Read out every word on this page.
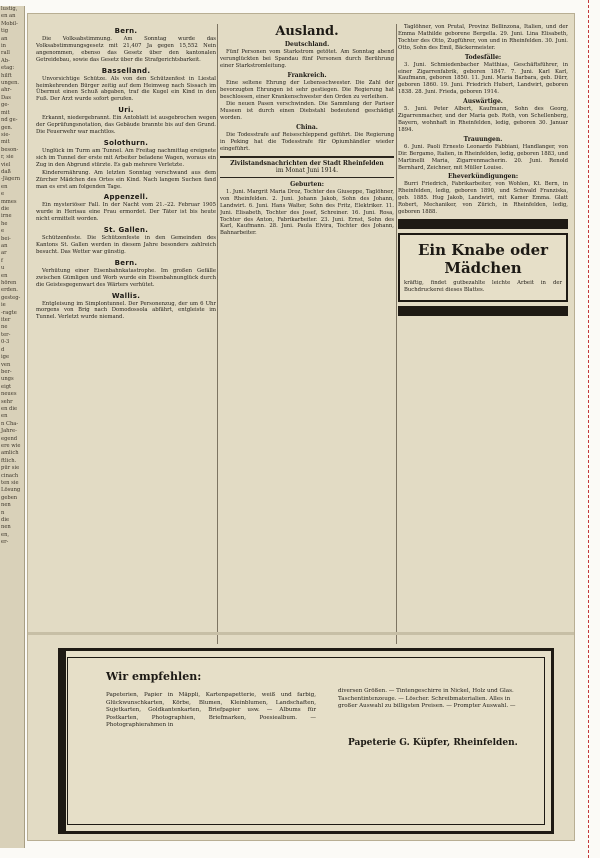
lustig,
en an
Mobil-
tig
an
in
rall
Ab-
etag:
hilft
ungen.
ahr-
Das
ge-
mit
nd ge-
gen.
sie-
mit
beson-
r, sie
viel
daß
-Jägern
en
e
mmes
die
irne
he
e
bei-
an
ar
f
u
en
hören
erden.
gesteg-
ie
-ragte
iter
ne
ter-
0-3
d
ige
ven
ber-
ungs
eigt
neues
sehr
en die
en
n Cha-
Jahre-
egend
ere wie
amlich
ftlich.
pür sie
cinach
ten sie
Lösung
geben
nen
n
die
nen
en,
er-
Bern.
Die Volksabstimmung. Am Sonntag wurde das Volksabstimmungsgesetz mit 21,407 Ja gegen 15,552 Nein angenommen, ebenso das Gesetz über den kantonalen Getreidebau, sowie das Gesetz über die Strafgerichtsbarkeit.
Basselland.
Unvorsichtige Schütze. Als von den Schützenfest in Liestal heimkehrenden Bürger zeitig auf dem Heimweg nach Sissach im Übermut einen Schuß abgaben, traf die Kugel ein Kind in den Fuß. Der Arzt wurde sofort gerufen.
Uri.
Erkannt, niedergebrannt. Ein Antoblatt ist ausgebrochen wegen der Geprüfungsnotation, das Gebäude brannte bis auf den Grund. Die Feuerwehr war machtlos.
Solothurn.
Unglück im Turm am Tunnel. Am Freitag nachmittag ereignete sich im Tunnel der erste mit Arbeiter beladene Wagen, woraus ein Zug in den Abgrund stürzte. Es gab mehrere Verletzte.
Kinderernährung. Am letzten Sonntag verschwand aus dem Zürcher Mädchen des Ortes ein Kind. Nach langem Suchen fand man es erst am folgenden Tage.
Appenzell.
Ein mysteriöser Fall. In der Nacht vom 21.–22. Februar 1905 wurde in Herisau eine Frau ermordet. Der Täter ist bis heute nicht ermittelt worden.
St. Gallen.
Schützenfeste. Die Schützenfeste in den Gemeinden des Kantons St. Gallen werden in diesem Jahre besonders zahlreich besucht. Das Wetter war günstig.
Bern.
Verhütung einer Eisenbahnkatastrophe. Im großen Gefälle zwischen Gümligen und Worb wurde ein Eisenbahnunglück durch die Geistesgegenwart des Wärters verhütet.
Wallis.
Entgleisung im Simplontunnel. Der Personenzug, der um 6 Uhr morgens von Brig nach Domodossola abfährt, entgleiste im Tunnel. Verletzt wurde niemand.
Ausland.
Deutschland.
Fünf Personen vom Starkstrom getötet. Am Sonntag abend verunglückten bei Spandau fünf Personen durch Berührung einer Starkstromleitung.
Frankreich.
Eine seltene Ehrung der Lebensschwester. Die Zahl der bevorzugten Ehrungen ist sehr gestiegen. Die Regierung hat beschlossen, einer Krankenschwester den Orden zu verleihen.
Die neuen Pasen verschwinden. Die Sammlung der Pariser Museen ist durch einen Diebstahl bedeutend geschädigt worden.
China.
Die Todesstrafe auf Reiseschleppend geführt. Die Regierung in Peking hat die Todesstrafe für Opiumhändler wieder eingeführt.
Zivilstandsnachrichten der Stadt Rheinfelden
im Monat Juni 1914.
Geburten:
1. Juni. Margrit Maria Droz, Tochter des Giuseppe, Taglöhner, von Rheinfelden. 2. Juni. Johann Jakob, Sohn des Johann, Landwirt. 6. Juni. Hans Walter, Sohn des Fritz, Elektriker. 11. Juni. Elisabeth, Tochter des Josef, Schreiner. 16. Juni. Rosa, Tochter des Anton, Fabrikarbeiter. 23. Juni. Ernst, Sohn des Karl, Kaufmann. 28. Juni. Paula Elvira, Tochter des Johann, Bahnarbeiter.
Taglöhner, von Prutal, Provinz Bellinzona, Italien, und der Emma Mathilde geborene Bergella. 29. Juni. Lina Elisabeth, Tochter des Otto, Zugführer, von und in Rheinfelden. 30. Juni. Otto, Sohn des Emil, Bäckermeister.
Todesfälle:
3. Juni. Schmiedenbacher Matthias, Geschäftsführer, in einer Zigarrenfabrik, geboren 1847. 7. Juni. Karl Karl, Kaufmann, geboren 1850. 11. Juni. Maria Barbara, geb. Dürr, geboren 1860. 19. Juni. Friedrich Hubert, Landwirt, geboren 1838. 28. Juni. Frieda, geboren 1914.
Auswärtige.
5. Juni. Peter Albert, Kaufmann, Sohn des Georg, Zigarrenmacher, und der Maria geb. Roth, von Schellenberg, Bayern, wohnhaft in Rheinfelden, ledig, geboren 30. Januar 1894.
Trauungen.
6. Juni. Paoli Ernesto Leonardo Fabbiani, Handlanger, von Dir. Bergamo, Italien, in Rheinfelden, ledig, geboren 1883, und Martinelli Maria, Zigarrenmacherin. 20. Juni. Renold Bernhard, Zeichner, mit Müller Louise.
Eheverkündigungen:
Burri Friedrich, Fabrikarbeiter, von Wohlen, Kt. Bern, in Rheinfelden, ledig, geboren 1890, und Schwald Franziska, geb. 1885. Hug Jakob, Landwirt, mit Kamer Emma. Glatt Robert, Mechaniker, von Zürich, in Rheinfelden, ledig, geboren 1888.
Ein Knabe oder Mädchen
kräftig, findet gutbezahlte leichte Arbeit in der Buchdruckerei dieses Blattes.
Wir empfehlen:
Papeterien, Papier in Mäppli, Kartenpapetterie, weiß und farbig, Glückwunschkarten, Körbe, Blumen, Kleinblumen, Landschaften, Sujetkarten, Goldkantenkarten, Briefpapier usw. — Albums für Postkarten, Photographien, Briefmarken, Poesiealbum. — Photographierahmen in
diversen Größen. — Tintengeschirre in Nickel, Holz und Glas. Taschentintenzeuge. — Löscher. Schreibmaterialien. Alles in großer Auswahl zu billigsten Preisen. — Prompter Auswahl. —
Papeterie G. Küpfer, Rheinfelden.
